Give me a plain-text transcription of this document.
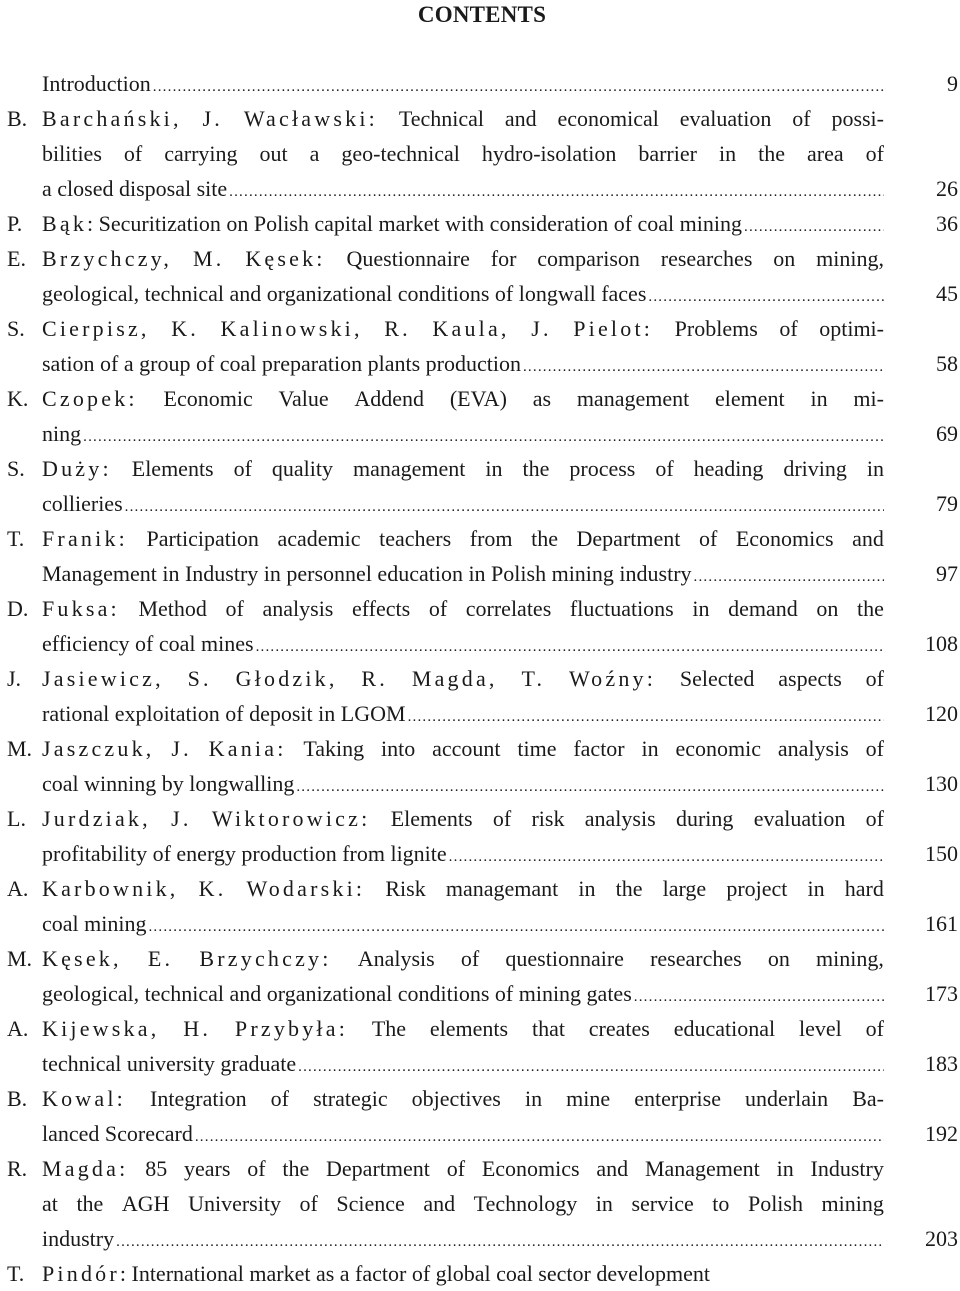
CONTENTS
Introduction .....	9
B. Barchański, J. Wacławski: Technical and economical evaluation of possi-
bilities of carrying out a geo-technical hydro-isolation barrier in the area of
a closed disposal site .....	26
P. Bąk: Securitization on Polish capital market with consideration of coal mining .....	36
E. Brzychczy, M. Kęsek: Questionnaire for comparison researches on mining,
geological, technical and organizational conditions of longwall faces .....	45
S. Cierpisz, K. Kalinowski, R. Kaula, J. Pielot: Problems of optimi-
sation of a group of coal preparation plants production .....	58
K. Czopek: Economic Value Addend (EVA) as management element in mi-
ning .....	69
S. Duży: Elements of quality management in the process of heading driving in
collieries .....	79
T. Franik: Participation academic teachers from the Department of Economics and
Management in Industry in personnel education in Polish mining industry .....	97
D. Fuksa: Method of analysis effects of correlates fluctuations in demand on the
efficiency of coal mines .....	108
J. Jasiewicz, S. Głodzik, R. Magda, T. Woźny: Selected aspects of
rational exploitation of deposit in LGOM .....	120
M. Jaszczuk, J. Kania: Taking into account time factor in economic analysis of
coal winning by longwalling .....	130
L. Jurdziak, J. Wiktorowicz: Elements of risk analysis during evaluation of
profitability of energy production from lignite .....	150
A. Karbownik, K. Wodarski: Risk managemant in the large project in hard
coal mining .....	161
M. Kęsek, E. Brzychczy: Analysis of questionnaire researches on mining,
geological, technical and organizational conditions of mining gates .....	173
A. Kijewska, H. Przybyła: The elements that creates educational level of
technical university graduate .....	183
B. Kowal: Integration of strategic objectives in mine enterprise underlain Ba-
lanced Scorecard .....	192
R. Magda: 85 years of the Department of Economics and Management in Industry
at the AGH University of Science and Technology in service to Polish mining
industry .....	203
T. Pindór: International market as a factor of global coal sector development
